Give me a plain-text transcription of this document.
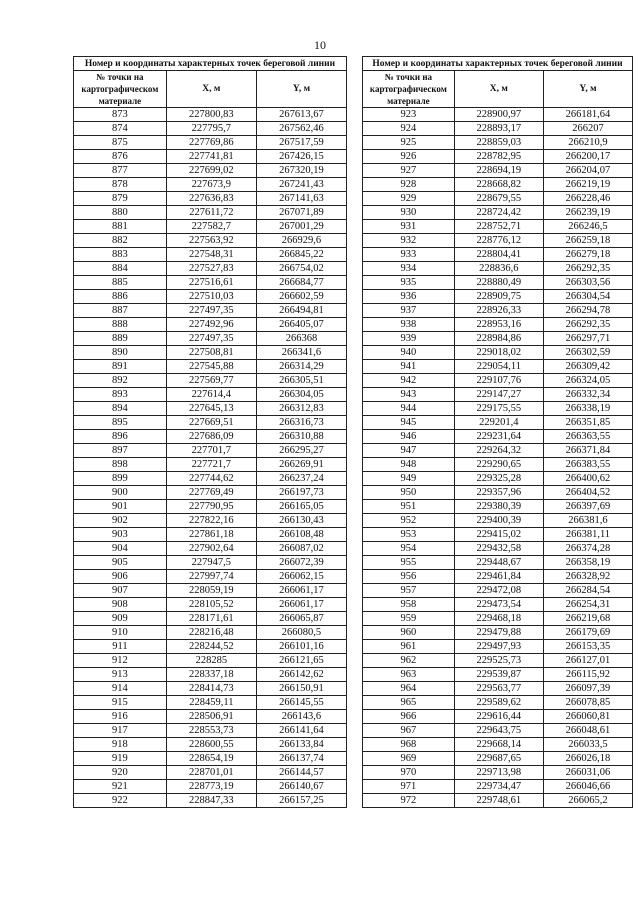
10
Номер и координаты характерных точек береговой линии		
№ точки на картографическом материале	X, м	Y, м
873	227800,83	267613,67
874	227795,7	267562,46
875	227769,86	267517,59
876	227741,81	267426,15
877	227699,02	267320,19
878	227673,9	267241,43
879	227636,83	267141,63
880	227611,72	267071,89
881	227582,7	267001,29
882	227563,92	266929,6
883	227548,31	266845,22
884	227527,83	266754,02
885	227516,61	266684,77
886	227510,03	266602,59
887	227497,35	266494,81
888	227492,96	266405,07
889	227497,35	266368
890	227508,81	266341,6
891	227545,88	266314,29
892	227569,77	266305,51
893	227614,4	266304,05
894	227645,13	266312,83
895	227669,51	266316,73
896	227686,09	266310,88
897	227701,7	266295,27
898	227721,7	266269,91
899	227744,62	266237,24
900	227769,49	266197,73
901	227790,95	266165,05
902	227822,16	266130,43
903	227861,18	266108,48
904	227902,64	266087,02
905	227947,5	266072,39
906	227997,74	266062,15
907	228059,19	266061,17
908	228105,52	266061,17
909	228171,61	266065,87
910	228216,48	266080,5
911	228244,52	266101,16
912	228285	266121,65
913	228337,18	266142,62
914	228414,73	266150,91
915	228459,11	266145,55
916	228506,91	266143,6
917	228553,73	266141,64
918	228600,55	266133,84
919	228654,19	266137,74
920	228701,01	266144,57
921	228773,19	266140,67
922	228847,33	266157,25
Номер и координаты характерных точек береговой линии		
№ точки на картографическом материале	X, м	Y, м
923	228900,97	266181,64
924	228893,17	266207
925	228859,03	266210,9
926	228782,95	266200,17
927	228694,19	266204,07
928	228668,82	266219,19
929	228679,55	266228,46
930	228724,42	266239,19
931	228752,71	266246,5
932	228776,12	266259,18
933	228804,41	266279,18
934	228836,6	266292,35
935	228880,49	266303,56
936	228909,75	266304,54
937	228926,33	266294,78
938	228953,16	266292,35
939	228984,86	266297,71
940	229018,02	266302,59
941	229054,11	266309,42
942	229107,76	266324,05
943	229147,27	266332,34
944	229175,55	266338,19
945	229201,4	266351,85
946	229231,64	266363,55
947	229264,32	266371,84
948	229290,65	266383,55
949	229325,28	266400,62
950	229357,96	266404,52
951	229380,39	266397,69
952	229400,39	266381,6
953	229415,02	266381,11
954	229432,58	266374,28
955	229448,67	266358,19
956	229461,84	266328,92
957	229472,08	266284,54
958	229473,54	266254,31
959	229468,18	266219,68
960	229479,88	266179,69
961	229497,93	266153,35
962	229525,73	266127,01
963	229539,87	266115,92
964	229563,77	266097,39
965	229589,62	266078,85
966	229616,44	266060,81
967	229643,75	266048,61
968	229668,14	266033,5
969	229687,65	266026,18
970	229713,98	266031,06
971	229734,47	266046,66
972	229748,61	266065,2
